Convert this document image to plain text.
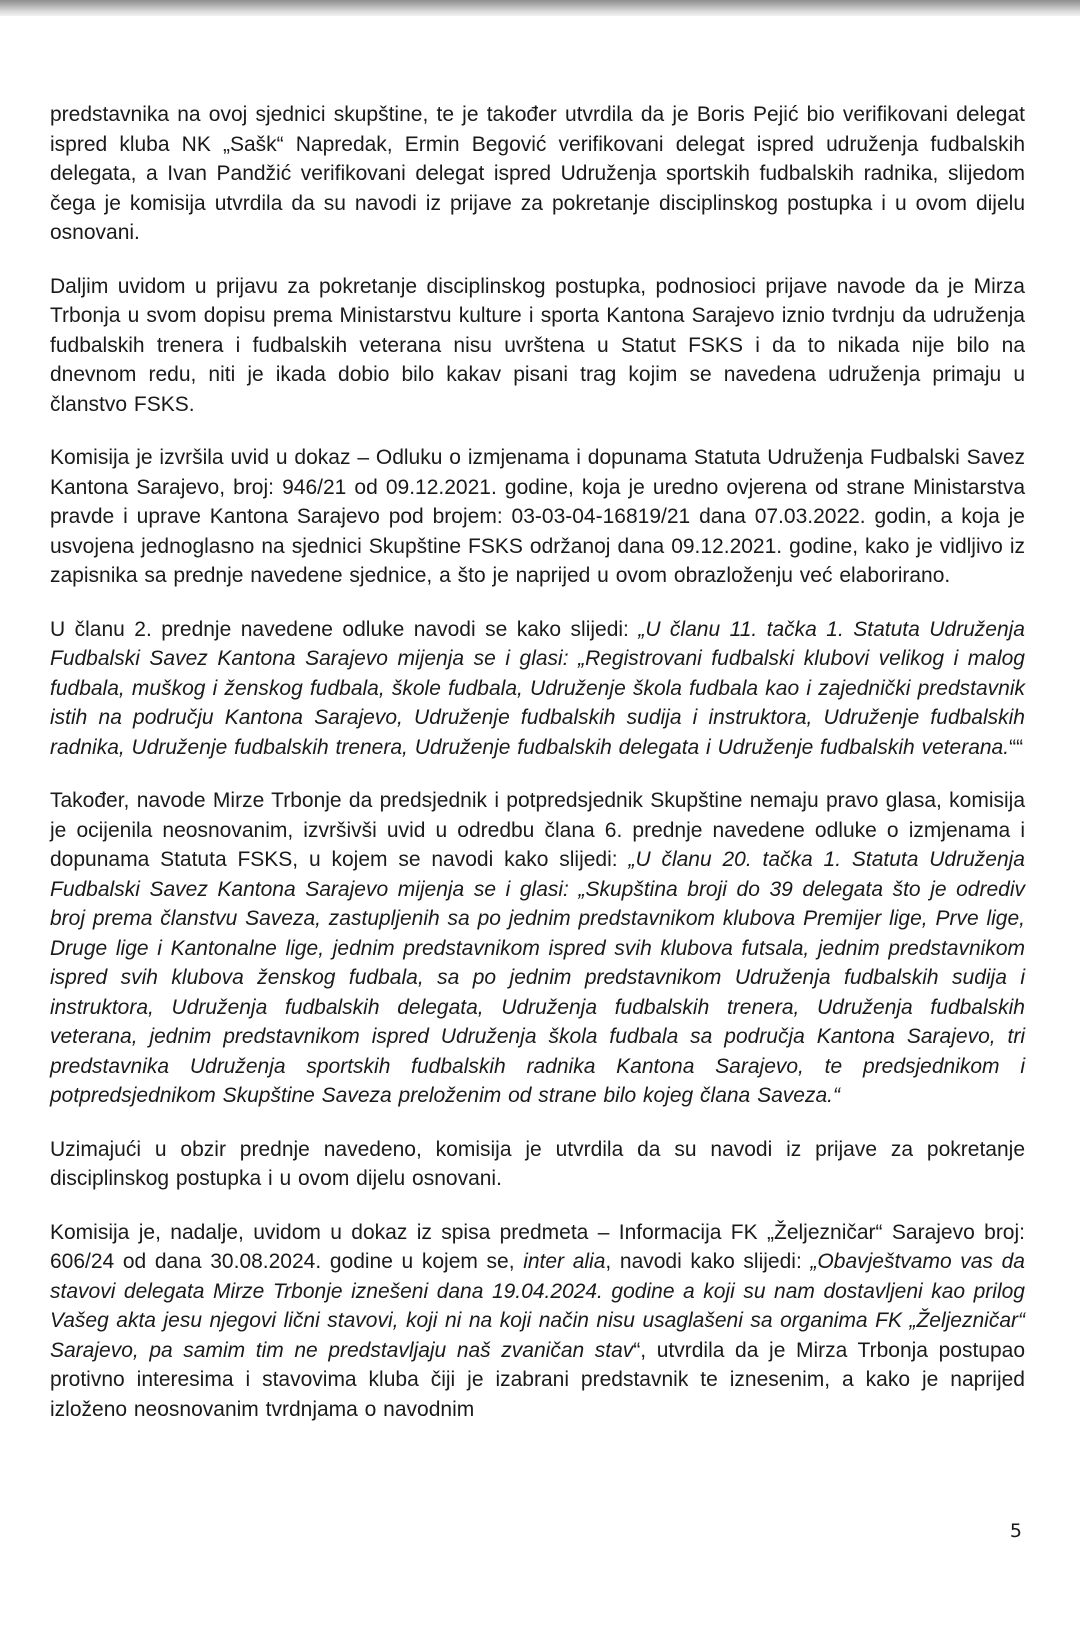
predstavnika na ovoj sjednici skupštine, te je također utvrdila da je Boris Pejić bio verifikovani delegat ispred kluba NK „Sašk“ Napredak, Ermin Begović verifikovani delegat ispred udruženja fudbalskih delegata, a Ivan Pandžić verifikovani delegat ispred Udruženja sportskih fudbalskih radnika, slijedom čega je komisija utvrdila da su navodi iz prijave za pokretanje disciplinskog postupka i u ovom dijelu osnovani.

Daljim uvidom u prijavu za pokretanje disciplinskog postupka, podnosioci prijave navode da je Mirza Trbonja u svom dopisu prema Ministarstvu kulture i sporta Kantona Sarajevo iznio tvrdnju da udruženja fudbalskih trenera i fudbalskih veterana nisu uvrštena u Statut FSKS i da to nikada nije bilo na dnevnom redu, niti je ikada dobio bilo kakav pisani trag kojim se navedena udruženja primaju u članstvo FSKS.

Komisija je izvršila uvid u dokaz – Odluku o izmjenama i dopunama Statuta Udruženja Fudbalski Savez Kantona Sarajevo, broj: 946/21 od 09.12.2021. godine, koja je uredno ovjerena od strane Ministarstva pravde i uprave Kantona Sarajevo pod brojem: 03-03-04-16819/21 dana 07.03.2022. godin, a koja je usvojena jednoglasno na sjednici Skupštine FSKS održanoj dana 09.12.2021. godine, kako je vidljivo iz zapisnika sa prednje navedene sjednice, a što je naprijed u ovom obrazloženju već elaborirano.

U članu 2. prednje navedene odluke navodi se kako slijedi: „U članu 11. tačka 1. Statuta Udruženja Fudbalski Savez Kantona Sarajevo mijenja se i glasi: „Registrovani fudbalski klubovi velikog i malog fudbala, muškog i ženskog fudbala, škole fudbala, Udruženje škola fudbala kao i zajednički predstavnik istih na području Kantona Sarajevo, Udruženje fudbalskih sudija i instruktora, Udruženje fudbalskih radnika, Udruženje fudbalskih trenera, Udruženje fudbalskih delegata i Udruženje fudbalskih veterana.““

Također, navode Mirze Trbonje da predsjednik i potpredsjednik Skupštine nemaju pravo glasa, komisija je ocijenila neosnovanim, izvršivši uvid u odredbu člana 6. prednje navedene odluke o izmjenama i dopunama Statuta FSKS, u kojem se navodi kako slijedi: „U članu 20. tačka 1. Statuta Udruženja Fudbalski Savez Kantona Sarajevo mijenja se i glasi: „Skupština broji do 39 delegata što je odrediv broj prema članstvu Saveza, zastupljenih sa po jednim predstavnikom klubova Premijer lige, Prve lige, Druge lige i Kantonalne lige, jednim predstavnikom ispred svih klubova futsala, jednim predstavnikom ispred svih klubova ženskog fudbala, sa po jednim predstavnikom Udruženja fudbalskih sudija i instruktora, Udruženja fudbalskih delegata, Udruženja fudbalskih trenera, Udruženja fudbalskih veterana, jednim predstavnikom ispred Udruženja škola fudbala sa područja Kantona Sarajevo, tri predstavnika Udruženja sportskih fudbalskih radnika Kantona Sarajevo, te predsjednikom i potpredsjednikom Skupštine Saveza preloženim od strane bilo kojeg člana Saveza.“

Uzimajući u obzir prednje navedeno, komisija je utvrdila da su navodi iz prijave za pokretanje disciplinskog postupka i u ovom dijelu osnovani.

Komisija je, nadalje, uvidom u dokaz iz spisa predmeta – Informacija FK „Željezničar“ Sarajevo broj: 606/24 od dana 30.08.2024. godine u kojem se, inter alia, navodi kako slijedi: „Obavještvamo vas da stavovi delegata Mirze Trbonje iznešeni dana 19.04.2024. godine a koji su nam dostavljeni kao prilog Vašeg akta jesu njegovi lični stavovi, koji ni na koji način nisu usaglašeni sa organima FK „Željezničar“ Sarajevo, pa samim tim ne predstavljaju naš zvaničan stav“, utvrdila da je Mirza Trbonja postupao protivno interesima i stavovima kluba čiji je izabrani predstavnik te iznesenim, a kako je naprijed izloženo neosnovanim tvrdnjama o navodnim

5
